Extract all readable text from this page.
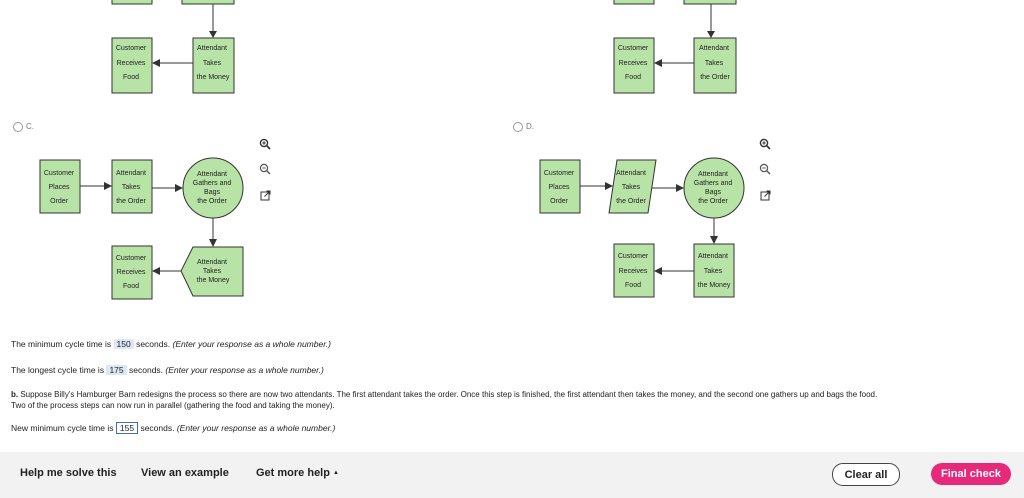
Customer Receives Food Attendant Takes the Money
Customer Receives Food Attendant Takes the Order
C.
Customer Places Order Attendant Takes the Order Attendant Gathers and Bags the Order Customer Receives Food Attendant Takes the Money
D.
Customer Places Order Attendant Takes the Order Attendant Gathers and Bags the Order Customer Receives Food Attendant Takes the Money
The minimum cycle time is 150 seconds. (Enter your response as a whole number.)
The longest cycle time is 175 seconds. (Enter your response as a whole number.)
b. Suppose Billy's Hamburger Barn redesigns the process so there are now two attendants. The first attendant takes the order. Once this step is finished, the first attendant then takes the money, and the second one gathers up and bags the food.
Two of the process steps can now run in parallel (gathering the food and taking the money).
New minimum cycle time is 155 seconds. (Enter your response as a whole number.)
Help me solve this View an example Get more help ▲	Clear all	Final check
